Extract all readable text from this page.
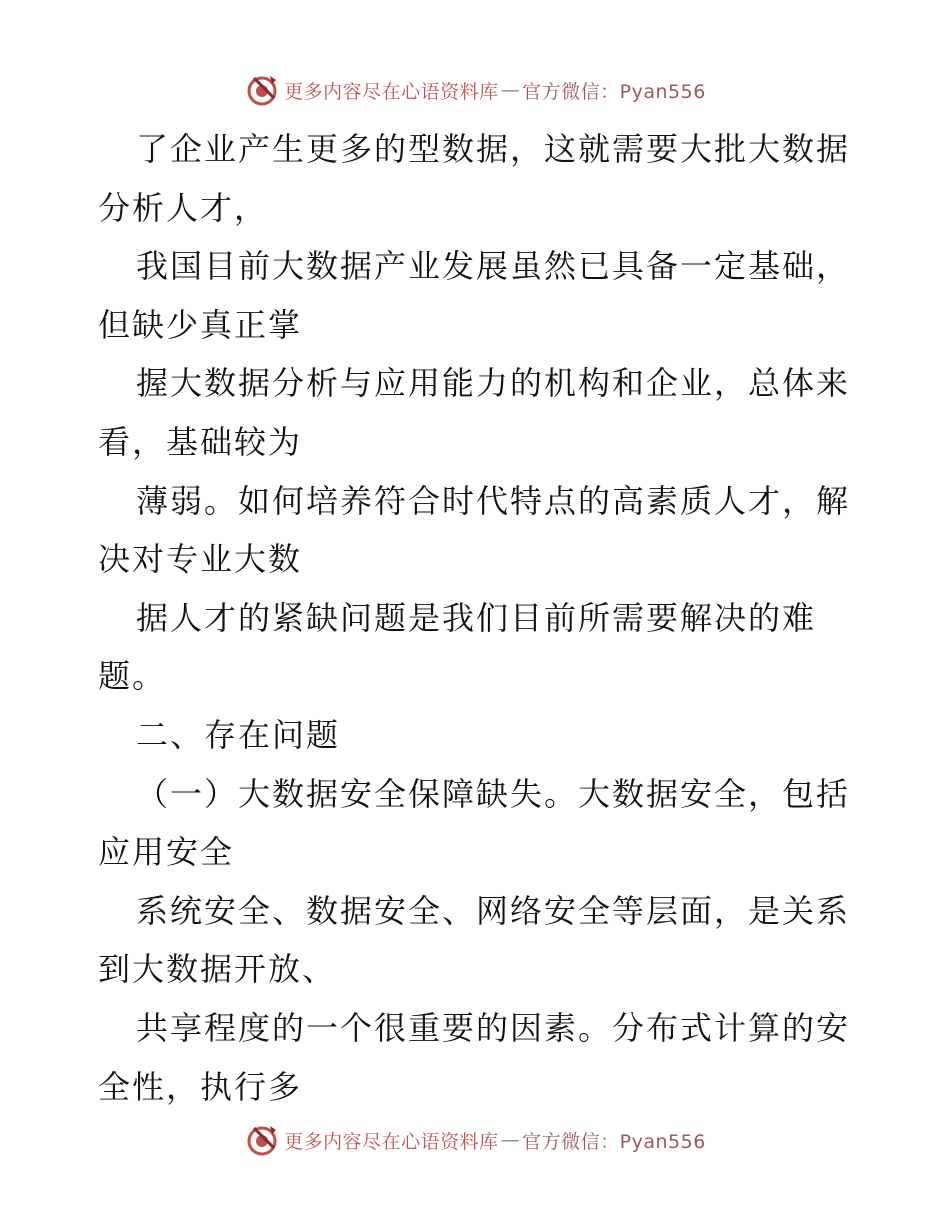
更多内容尽在心语资料库 — 官方微信：Pyan556
了企业产生更多的型数据，这就需要大批大数据
分析人才，
我国目前大数据产业发展虽然已具备一定基础，
但缺少真正掌
握大数据分析与应用能力的机构和企业，总体来
看，基础较为
薄弱。如何培养符合时代特点的高素质人才，解
决对专业大数
据人才的紧缺问题是我们目前所需要解决的难
题。
二、存在问题
（一）大数据安全保障缺失。大数据安全，包括
应用安全
系统安全、数据安全、网络安全等层面，是关系
到大数据开放、
共享程度的一个很重要的因素。分布式计算的安
全性，执行多
更多内容尽在心语资料库 — 官方微信：Pyan556
